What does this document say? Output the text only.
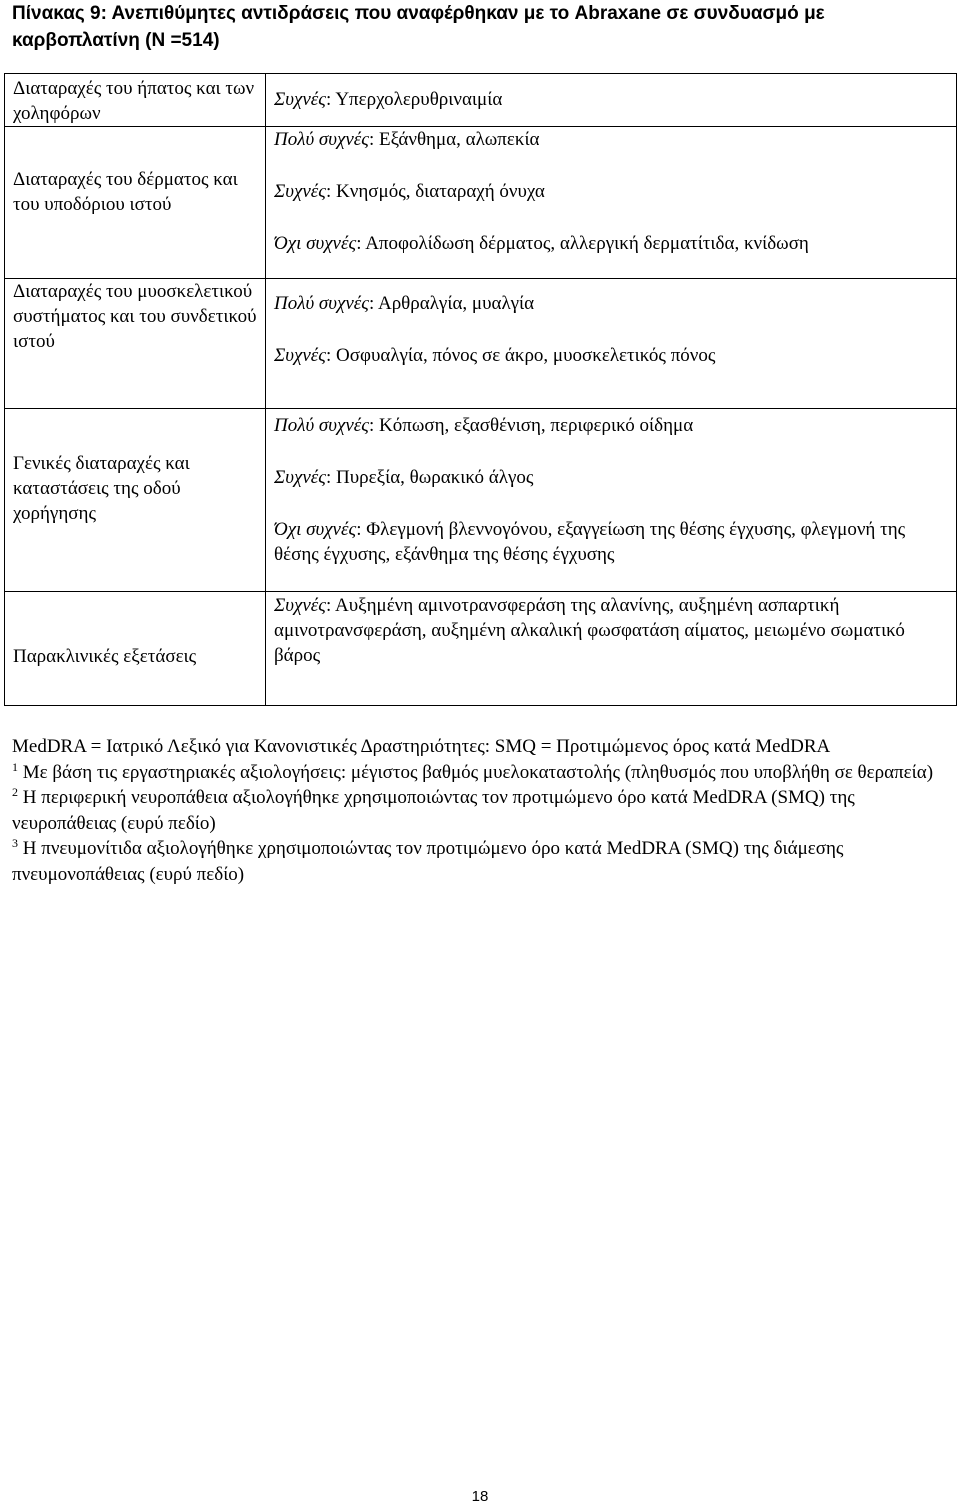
Πίνακας 9: Ανεπιθύμητες αντιδράσεις που αναφέρθηκαν με το Abraxane σε συνδυασμό με καρβοπλατίνη (N =514)
Διαταραχές του ήπατος και των χοληφόρων	Συχνές: Υπερχολερυθριναιμία

Διαταραχές του δέρματος και του υποδόριου ιστού	Πολύ συχνές: Εξάνθημα, αλωπεκία
Συχνές: Κνησμός, διαταραχή όνυχα
Όχι συχνές: Αποφολίδωση δέρματος, αλλεργική δερματίτιδα, κνίδωση

Διαταραχές του μυοσκελετικού συστήματος και του συνδετικού ιστού	Πολύ συχνές: Αρθραλγία, μυαλγία
Συχνές: Οσφυαλγία, πόνος σε άκρο, μυοσκελετικός πόνος

Γενικές διαταραχές και καταστάσεις της οδού χορήγησης	Πολύ συχνές: Κόπωση, εξασθένιση, περιφερικό οίδημα
Συχνές: Πυρεξία, θωρακικό άλγος
Όχι συχνές: Φλεγμονή βλεννογόνου, εξαγγείωση της θέσης έγχυσης, φλεγμονή της θέσης έγχυσης, εξάνθημα της θέσης έγχυσης

Παρακλινικές εξετάσεις	Συχνές: Αυξημένη αμινοτρανσφεράση της αλανίνης, αυξημένη ασπαρτική αμινοτρανσφεράση, αυξημένη αλκαλική φωσφατάση αίματος, μειωμένο σωματικό βάρος

MedDRA = Ιατρικό Λεξικό για Κανονιστικές Δραστηριότητες: SMQ = Προτιμώμενος όρος κατά MedDRA

$^1$ Με βάση τις εργαστηριακές αξιολογήσεις: μέγιστος βαθμός μυελοκαταστολής (πληθυσμός που υποβλήθη σε θεραπεία)

$^2$ Η περιφερική νευροπάθεια αξιολογήθηκε χρησιμοποιώντας τον προτιμώμενο όρο κατά MedDRA (SMQ) της νευροπάθειας (ευρύ πεδίο)

$^3$ Η πνευμονίτιδα αξιολογήθηκε χρησιμοποιώντας τον προτιμώμενο όρο κατά MedDRA (SMQ) της διάμεσης πνευμονοπάθειας (ευρύ πεδίο)

18
